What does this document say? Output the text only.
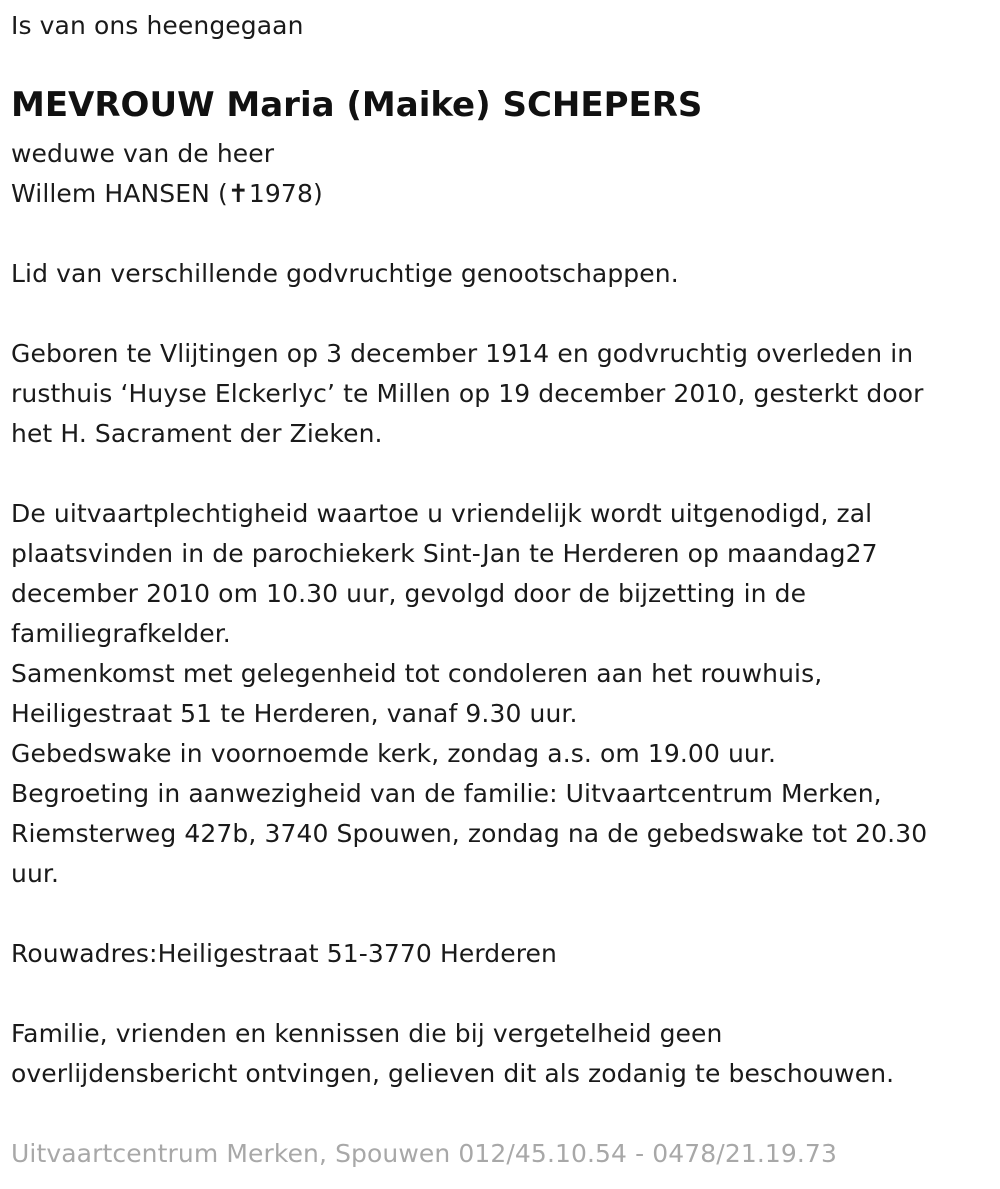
Is van ons heengegaan
MEVROUW Maria (Maike) SCHEPERS
weduwe van de heer
Willem HANSEN (✝1978)
Lid van verschillende godvruchtige genootschappen.
Geboren te Vlijtingen op 3 december 1914 en godvruchtig overleden in
rusthuis ‘Huyse Elckerlyc’ te Millen op 19 december 2010, gesterkt door
het H. Sacrament der Zieken.
De uitvaartplechtigheid waartoe u vriendelijk wordt uitgenodigd, zal
plaatsvinden in de parochiekerk Sint-Jan te Herderen op maandag27
december 2010 om 10.30 uur, gevolgd door de bijzetting in de
familiegrafkelder.
Samenkomst met gelegenheid tot condoleren aan het rouwhuis,
Heiligestraat 51 te Herderen, vanaf 9.30 uur.
Gebedswake in voornoemde kerk, zondag a.s. om 19.00 uur.
Begroeting in aanwezigheid van de familie: Uitvaartcentrum Merken,
Riemsterweg 427b, 3740 Spouwen, zondag na de gebedswake tot 20.30
uur.
Rouwadres:Heiligestraat 51-3770 Herderen
Familie, vrienden en kennissen die bij vergetelheid geen
overlijdensbericht ontvingen, gelieven dit als zodanig te beschouwen.
Uitvaartcentrum Merken, Spouwen 012/45.10.54 - 0478/21.19.73
